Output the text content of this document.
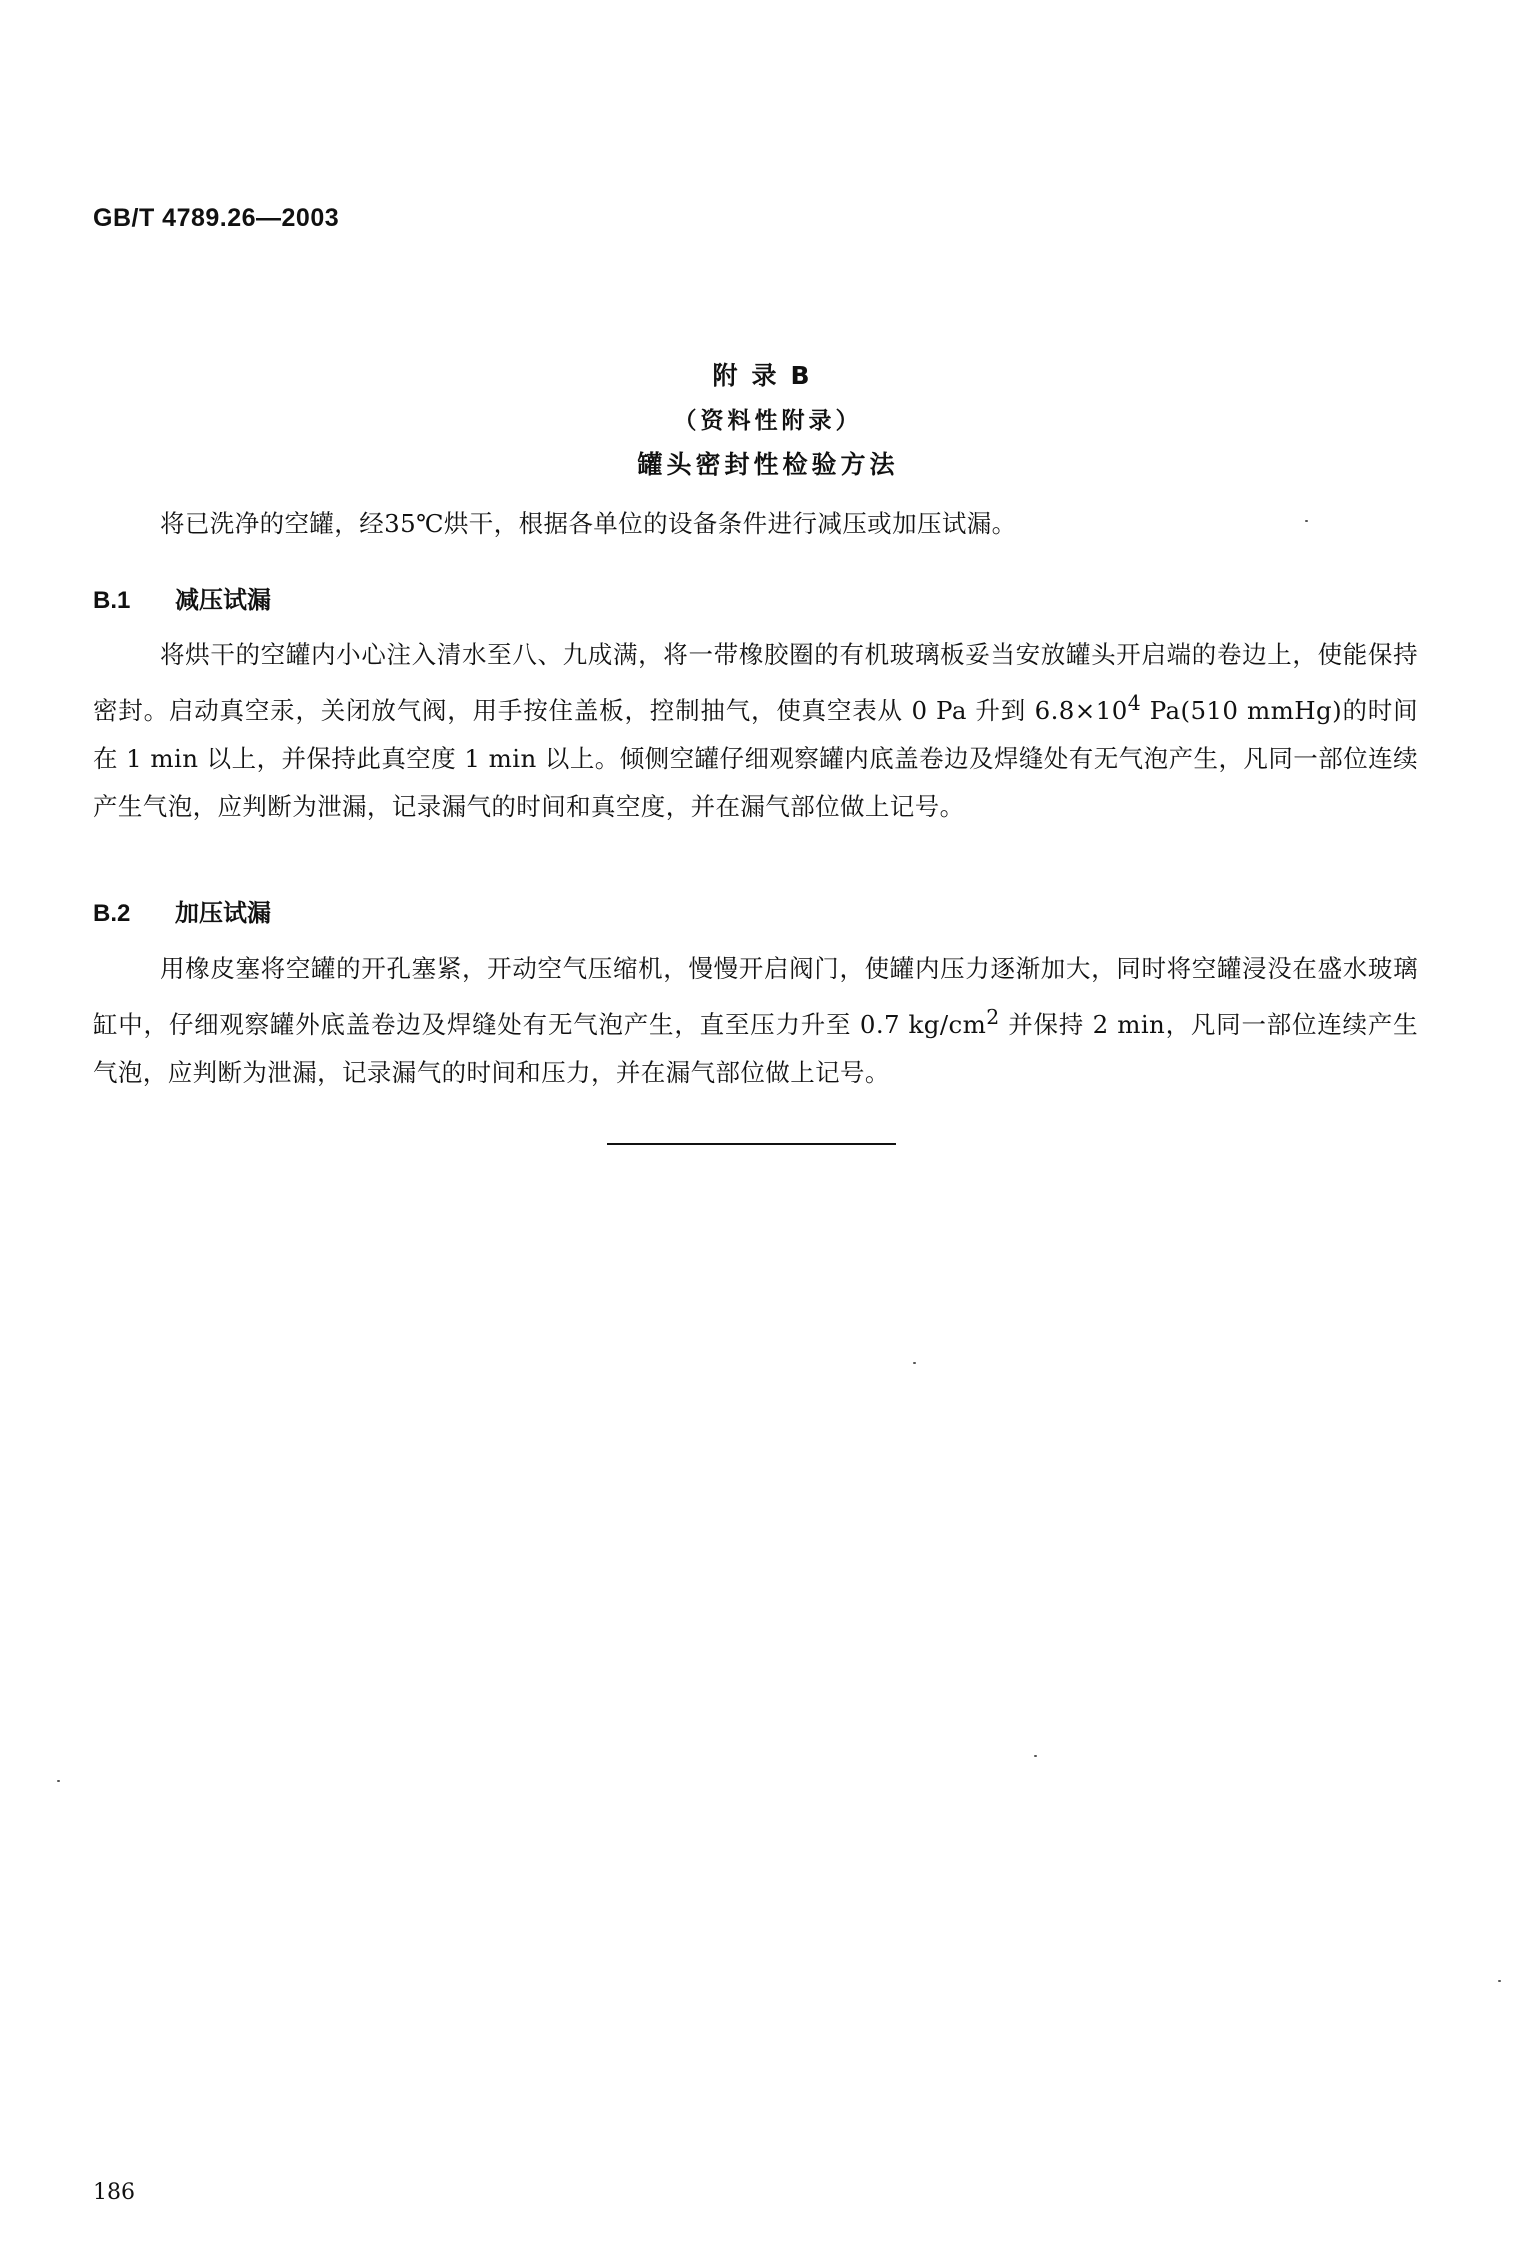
GB/T 4789.26—2003
附录B
（资料性附录）
罐头密封性检验方法

将已洗净的空罐，经35℃烘干，根据各单位的设备条件进行减压或加压试漏。

B.1 减压试漏

将烘干的空罐内小心注入清水至八、九成满，将一带橡胶圈的有机玻璃板妥当安放罐头开启端的卷边上，使能保持密封。启动真空汞，关闭放气阀，用手按住盖板，控制抽气，使真空表从 0 Pa 升到 $6.8\times 10^4$ Pa(510 mmHg)的时间在 1 min 以上，并保持此真空度 1 min 以上。倾侧空罐仔细观察罐内底盖卷边及焊缝处有无气泡产生，凡同一部位连续产生气泡，应判断为泄漏，记录漏气的时间和真空度，并在漏气部位做上记号。

B.2 加压试漏

用橡皮塞将空罐的开孔塞紧，开动空气压缩机，慢慢开启阀门，使罐内压力逐渐加大，同时将空罐浸没在盛水玻璃缸中，仔细观察罐外底盖卷边及焊缝处有无气泡产生，直至压力升至 0.7 $kg/cm^2$ 并保持 2 min，凡同一部位连续产生气泡，应判断为泄漏，记录漏气的时间和压力，并在漏气部位做上记号。

186
